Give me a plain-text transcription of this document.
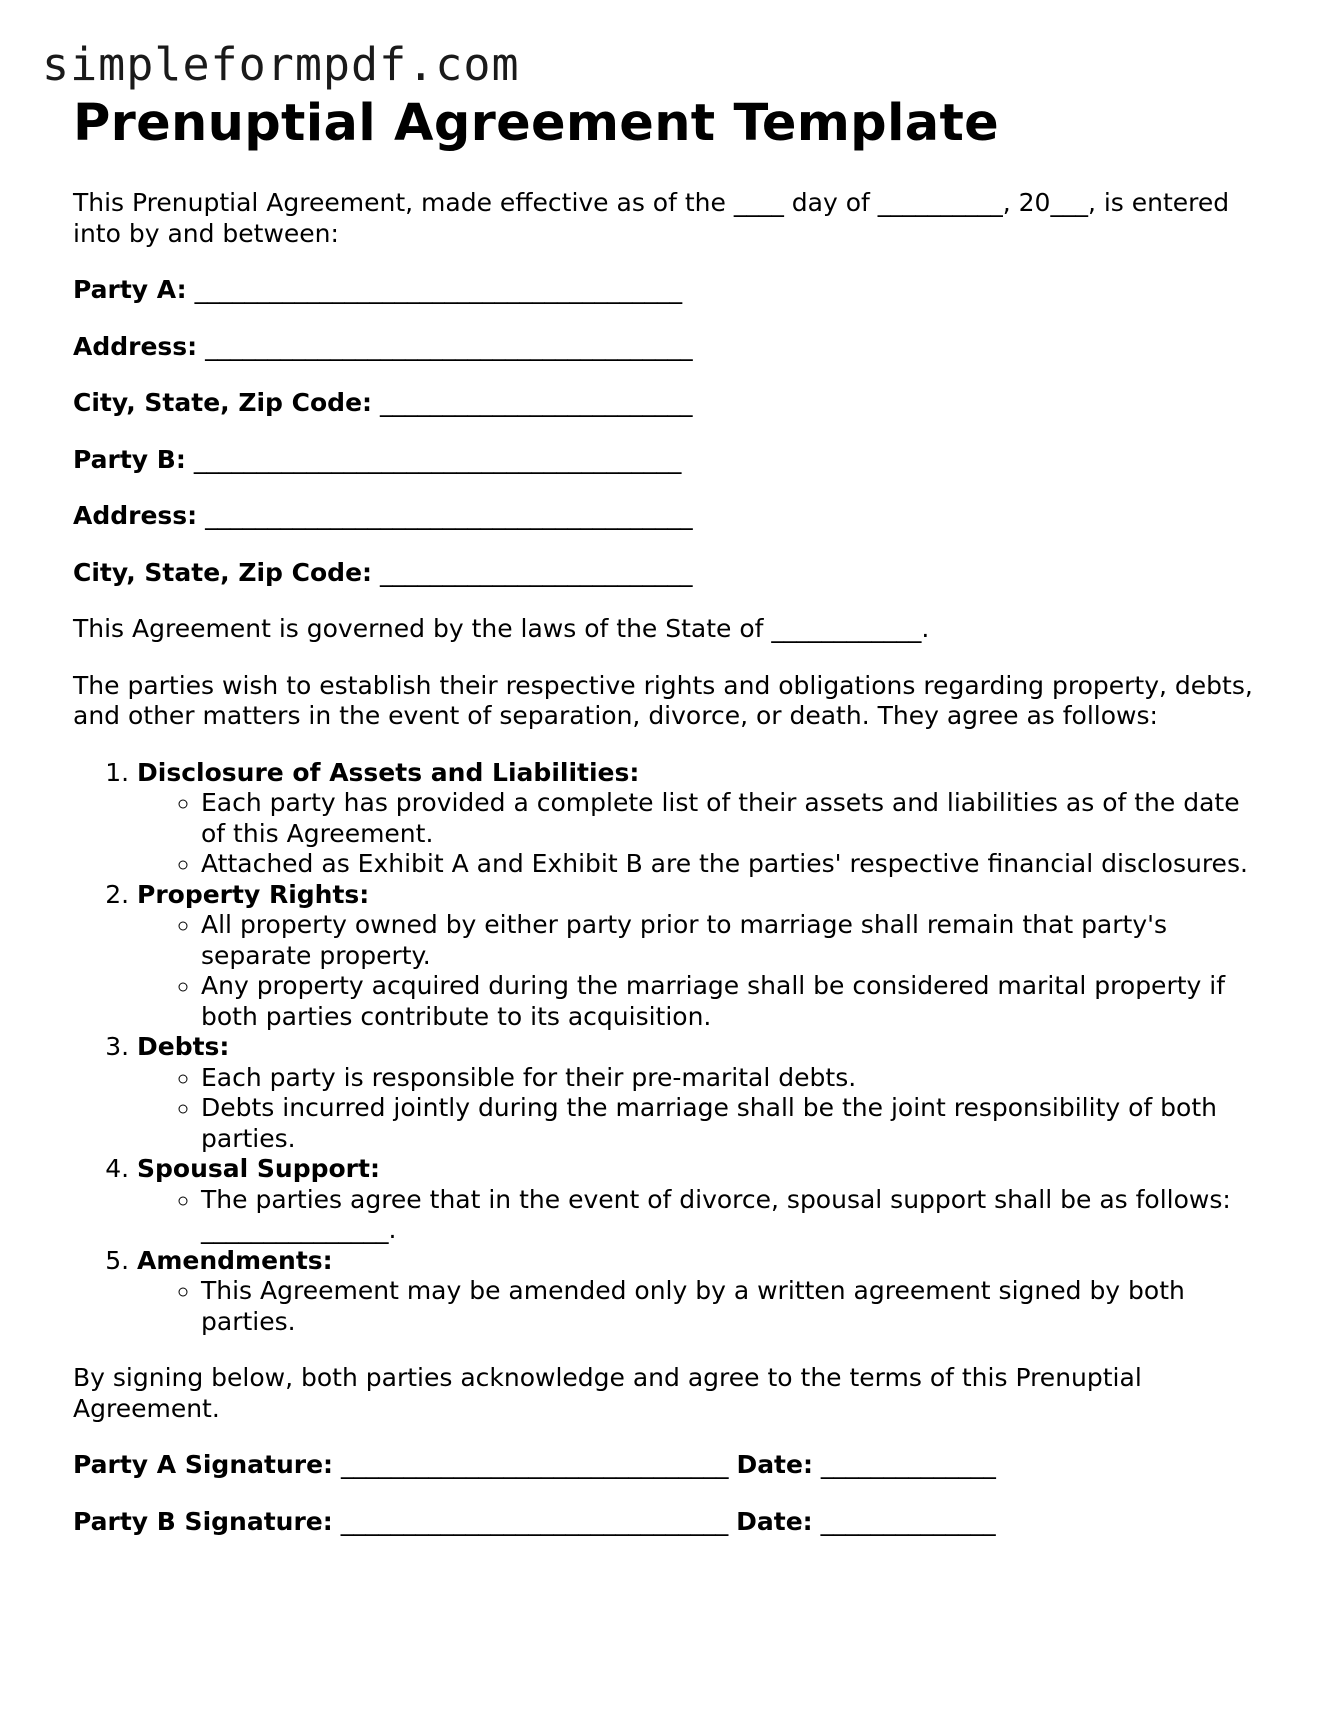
simpleformpdf.com
Prenuptial Agreement Template

This Prenuptial Agreement, made effective as of the ____ day of __________, 20___, is entered into by and between:

Party A: _______________________________________

Address: _______________________________________

City, State, Zip Code: _________________________

Party B: _______________________________________

Address: _______________________________________

City, State, Zip Code: _________________________

This Agreement is governed by the laws of the State of ____________.

The parties wish to establish their respective rights and obligations regarding property, debts, and other matters in the event of separation, divorce, or death. They agree as follows:

1. Disclosure of Assets and Liabilities:
◦ Each party has provided a complete list of their assets and liabilities as of the date of this Agreement.
◦ Attached as Exhibit A and Exhibit B are the parties' respective financial disclosures.
2. Property Rights:
◦ All property owned by either party prior to marriage shall remain that party's separate property.
◦ Any property acquired during the marriage shall be considered marital property if both parties contribute to its acquisition.
3. Debts:
◦ Each party is responsible for their pre-marital debts.
◦ Debts incurred jointly during the marriage shall be the joint responsibility of both parties.
4. Spousal Support:
◦ The parties agree that in the event of divorce, spousal support shall be as follows: _______________.
5. Amendments:
◦ This Agreement may be amended only by a written agreement signed by both parties.

By signing below, both parties acknowledge and agree to the terms of this Prenuptial Agreement.

Party A Signature: _______________________________ Date: ______________

Party B Signature: _______________________________ Date: ______________
